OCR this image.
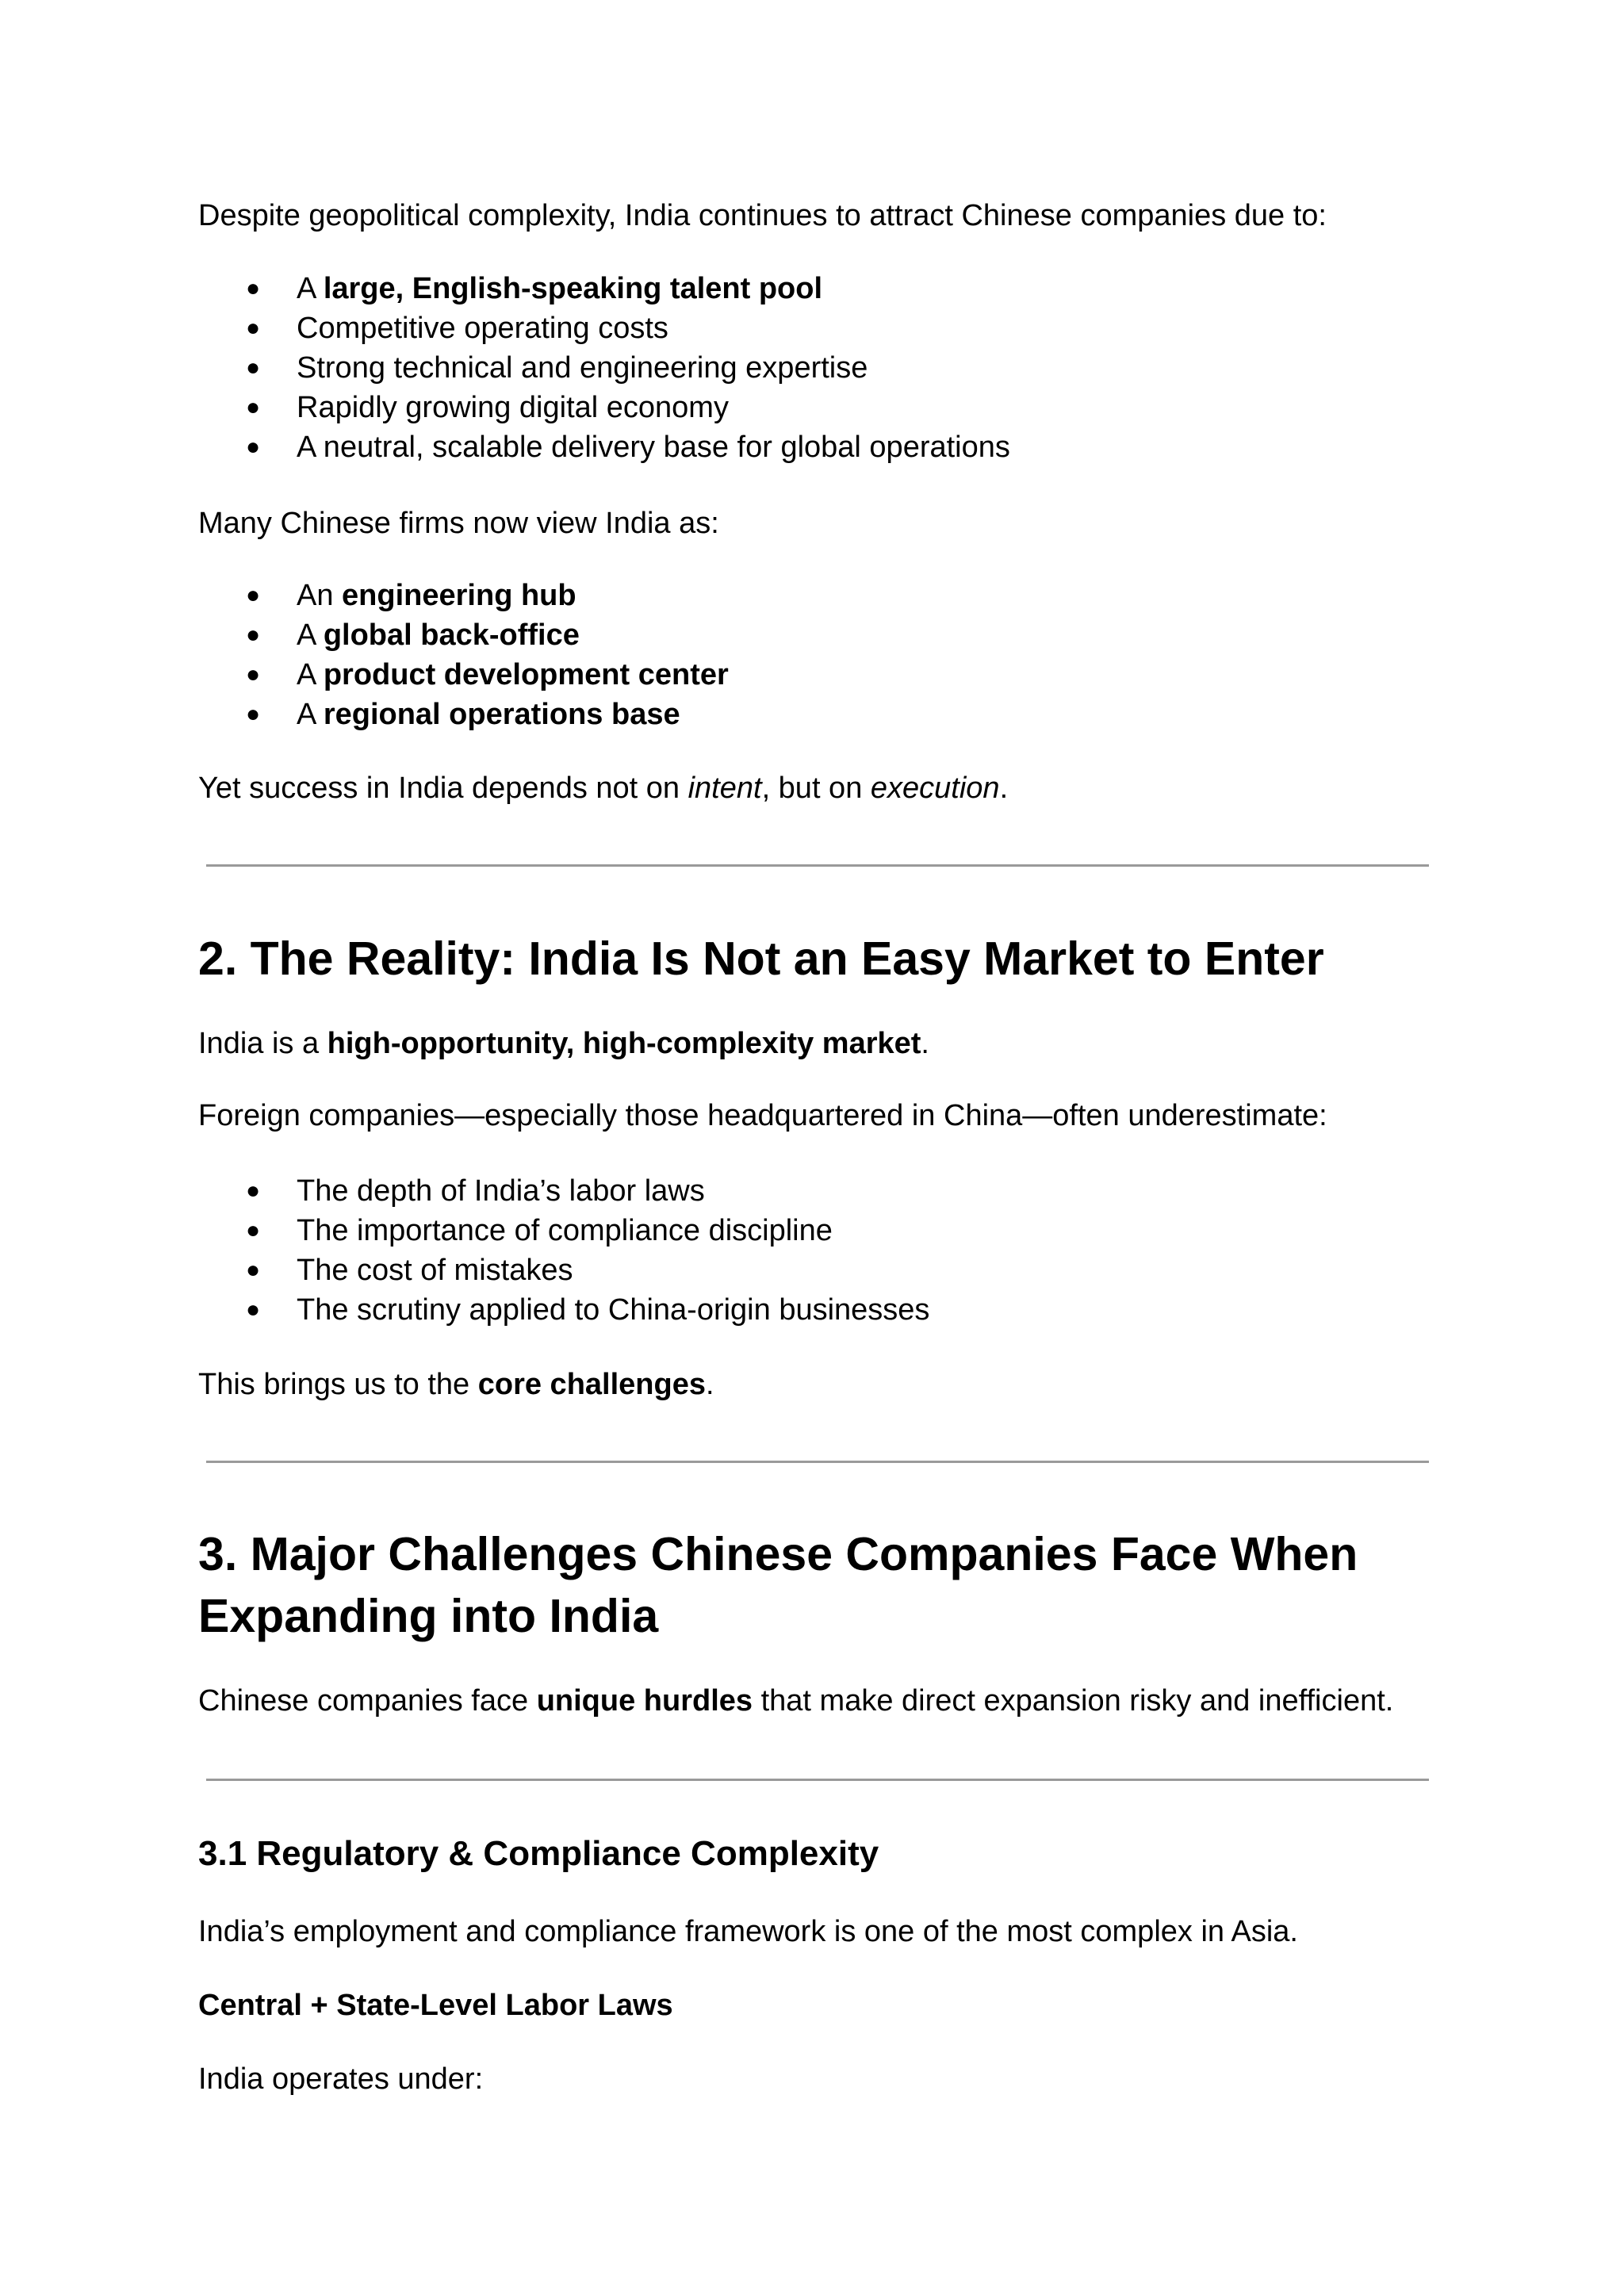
Despite geopolitical complexity, India continues to attract Chinese companies due to:

● A large, English-speaking talent pool
● Competitive operating costs
● Strong technical and engineering expertise
● Rapidly growing digital economy
● A neutral, scalable delivery base for global operations

Many Chinese firms now view India as:

● An engineering hub
● A global back-office
● A product development center
● A regional operations base

Yet success in India depends not on intent, but on execution.

2. The Reality: India Is Not an Easy Market to Enter

India is a high-opportunity, high-complexity market.

Foreign companies—especially those headquartered in China—often underestimate:

● The depth of India’s labor laws
● The importance of compliance discipline
● The cost of mistakes
● The scrutiny applied to China-origin businesses

This brings us to the core challenges.

3. Major Challenges Chinese Companies Face When
Expanding into India

Chinese companies face unique hurdles that make direct expansion risky and inefficient.

3.1 Regulatory & Compliance Complexity

India’s employment and compliance framework is one of the most complex in Asia.

Central + State-Level Labor Laws

India operates under:
